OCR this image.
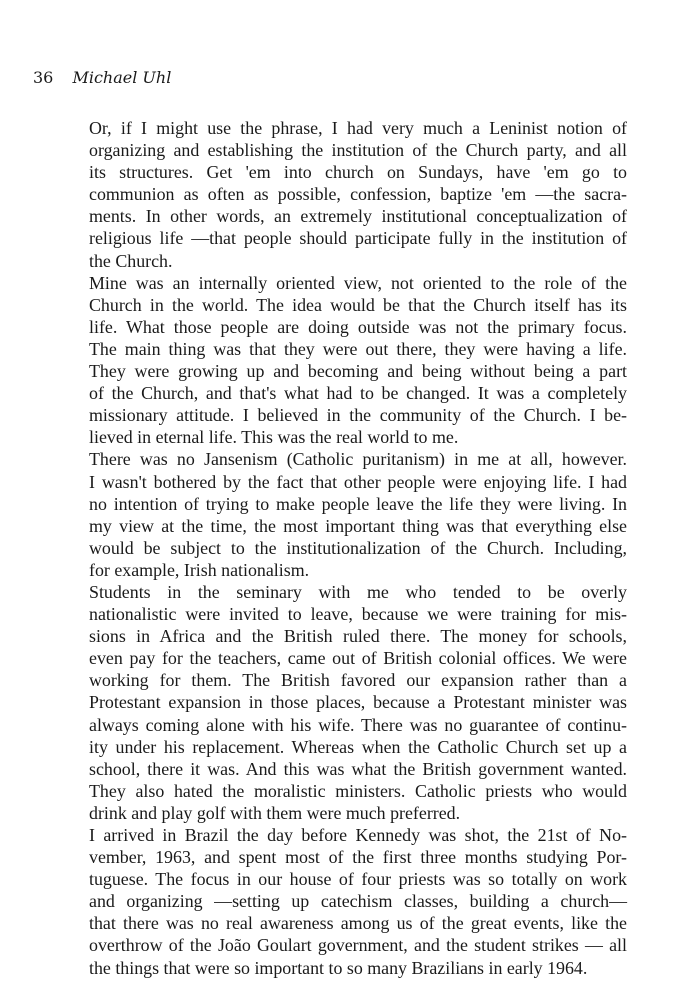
36 Michael Uhl

Or, if I might use the phrase, I had very much a Leninist notion of
organizing and establishing the institution of the Church party, and all
its structures. Get 'em into church on Sundays, have 'em go to
communion as often as possible, confession, baptize 'em —the sacra-
ments. In other words, an extremely institutional conceptualization of
religious life —that people should participate fully in the institution of
the Church.

Mine was an internally oriented view, not oriented to the role of the
Church in the world. The idea would be that the Church itself has its
life. What those people are doing outside was not the primary focus.
The main thing was that they were out there, they were having a life.
They were growing up and becoming and being without being a part
of the Church, and that's what had to be changed. It was a completely
missionary attitude. I believed in the community of the Church. I be-
lieved in eternal life. This was the real world to me.

There was no Jansenism (Catholic puritanism) in me at all, however.
I wasn't bothered by the fact that other people were enjoying life. I had
no intention of trying to make people leave the life they were living. In
my view at the time, the most important thing was that everything else
would be subject to the institutionalization of the Church. Including,
for example, Irish nationalism.

Students in the seminary with me who tended to be overly
nationalistic were invited to leave, because we were training for mis-
sions in Africa and the British ruled there. The money for schools,
even pay for the teachers, came out of British colonial offices. We were
working for them. The British favored our expansion rather than a
Protestant expansion in those places, because a Protestant minister was
always coming alone with his wife. There was no guarantee of continu-
ity under his replacement. Whereas when the Catholic Church set up a
school, there it was. And this was what the British government wanted.
They also hated the moralistic ministers. Catholic priests who would
drink and play golf with them were much preferred.

I arrived in Brazil the day before Kennedy was shot, the 21st of No-
vember, 1963, and spent most of the first three months studying Por-
tuguese. The focus in our house of four priests was so totally on work
and organizing —setting up catechism classes, building a church—
that there was no real awareness among us of the great events, like the
overthrow of the João Goulart government, and the student strikes — all
the things that were so important to so many Brazilians in early 1964.
